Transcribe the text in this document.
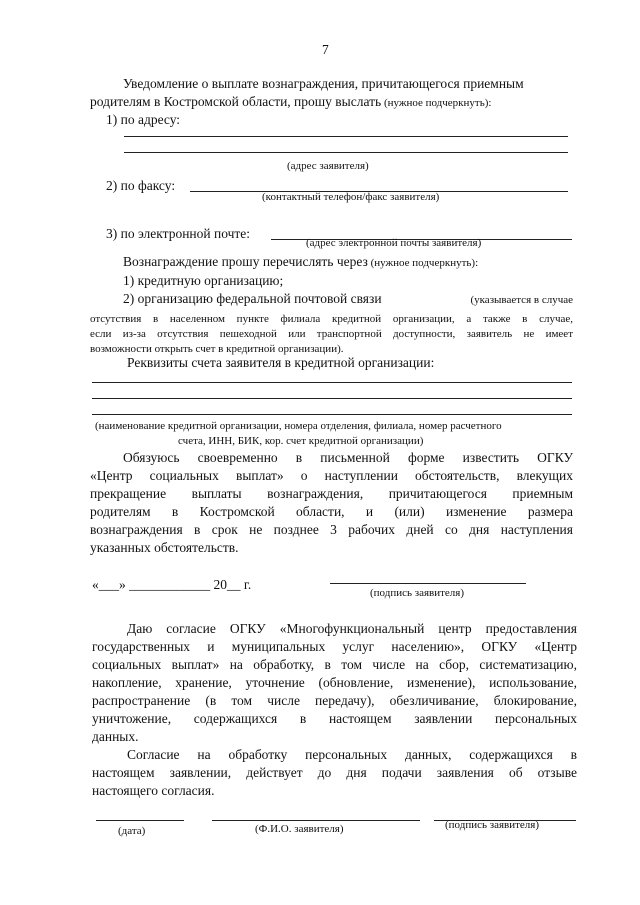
7
Уведомление о выплате вознаграждения, причитающегося приемным
родителям в Костромской области, прошу выслать (нужное подчеркнуть):
1) по адресу:
(адрес заявителя)
2) по факсу:
(контактный телефон/факс заявителя)
3) по электронной почте:
(адрес электронной почты заявителя)
Вознаграждение прошу перечислять через (нужное подчеркнуть):
1) кредитную организацию;
2) организацию федеральной почтовой связи	(указывается в случае
отсутствия в населенном пункте филиала кредитной организации, а также в случае,
если из-за отсутствия пешеходной или транспортной доступности, заявитель не имеет
возможности открыть счет в кредитной организации).
Реквизиты счета заявителя в кредитной организации:
(наименование кредитной организации, номера отделения, филиала, номер расчетного
счета, ИНН, БИК, кор. счет кредитной организации)
Обязуюсь своевременно в письменной форме известить ОГКУ
«Центр социальных выплат» о наступлении обстоятельств, влекущих
прекращение выплаты вознаграждения, причитающегося приемным
родителям в Костромской области, и (или) изменение размера
вознаграждения в срок не позднее 3 рабочих дней со дня наступления
указанных обстоятельств.
«___» ____________ 20__ г.
(подпись заявителя)
Даю согласие ОГКУ «Многофункциональный центр предоставления
государственных и муниципальных услуг населению», ОГКУ «Центр
социальных выплат» на обработку, в том числе на сбор, систематизацию,
накопление, хранение, уточнение (обновление, изменение), использование,
распространение (в том числе передачу), обезличивание, блокирование,
уничтожение, содержащихся в настоящем заявлении персональных
данных.
Согласие на обработку персональных данных, содержащихся в
настоящем заявлении, действует до дня подачи заявления об отзыве
настоящего согласия.
(дата)	(Ф.И.О. заявителя)	(подпись заявителя)
